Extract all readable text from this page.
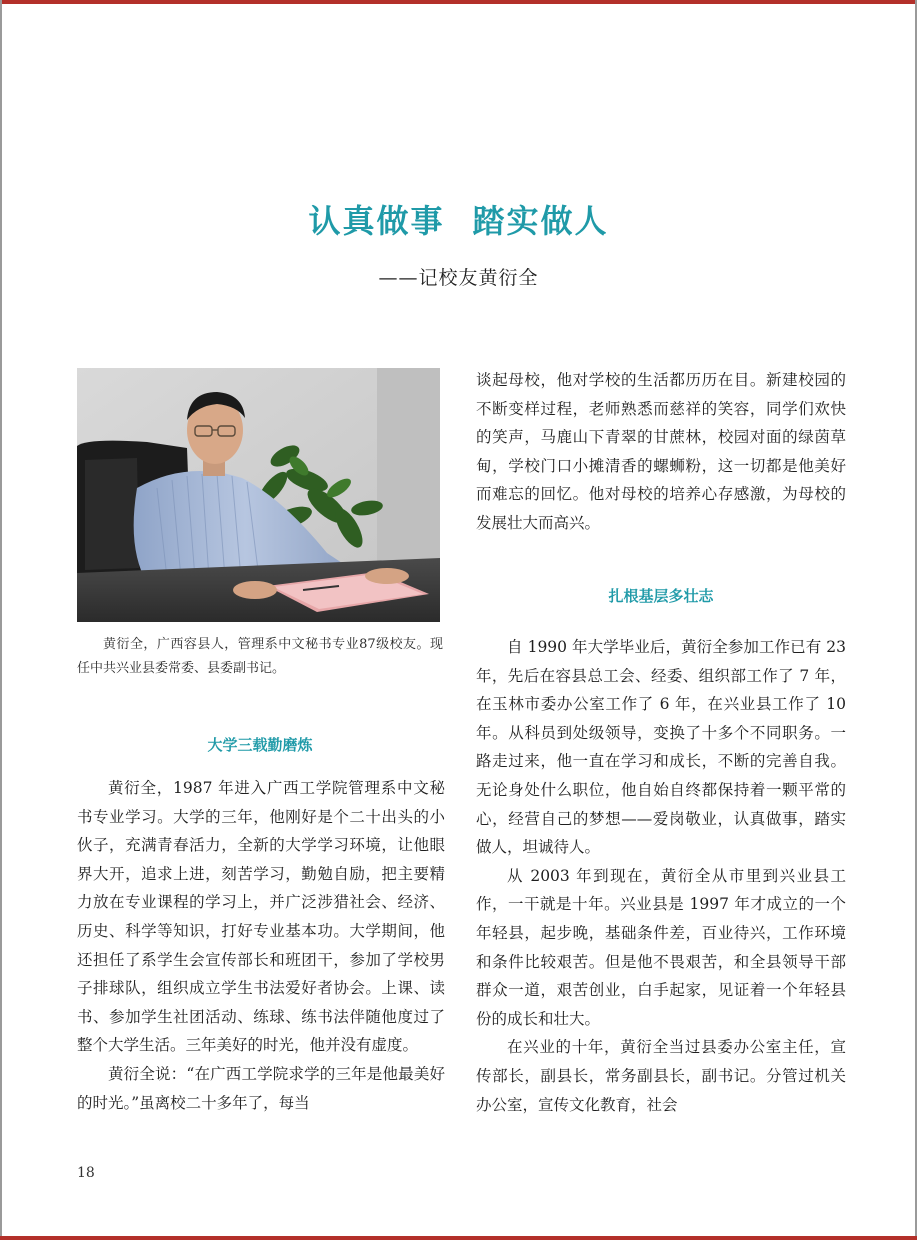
认真做事 踏实做人
——记校友黄衍全
黄衍全，广西容县人，管理系中文秘书专业87级校友。现任中共兴业县委常委、县委副书记。
大学三载勤磨炼

黄衍全，1987 年进入广西工学院管理系中文秘书专业学习。大学的三年，他刚好是个二十出头的小伙子，充满青春活力，全新的大学学习环境，让他眼界大开，追求上进，刻苦学习，勤勉自励，把主要精力放在专业课程的学习上，并广泛涉猎社会、经济、历史、科学等知识，打好专业基本功。大学期间，他还担任了系学生会宣传部长和班团干，参加了学校男子排球队，组织成立学生书法爱好者协会。上课、读书、参加学生社团活动、练球、练书法伴随他度过了整个大学生活。三年美好的时光，他并没有虚度。

黄衍全说：“在广西工学院求学的三年是他最美好的时光。”虽离校二十多年了，每当

谈起母校，他对学校的生活都历历在目。新建校园的不断变样过程，老师熟悉而慈祥的笑容，同学们欢快的笑声，马鹿山下青翠的甘蔗林，校园对面的绿茵草甸，学校门口小摊清香的螺蛳粉，这一切都是他美好而难忘的回忆。他对母校的培养心存感激，为母校的发展壮大而高兴。

扎根基层多壮志

自 1990 年大学毕业后，黄衍全参加工作已有 23 年，先后在容县总工会、经委、组织部工作了 7 年，在玉林市委办公室工作了 6 年，在兴业县工作了 10 年。从科员到处级领导，变换了十多个不同职务。一路走过来，他一直在学习和成长，不断的完善自我。无论身处什么职位，他自始自终都保持着一颗平常的心，经营自己的梦想——爱岗敬业，认真做事，踏实做人，坦诚待人。

从 2003 年到现在，黄衍全从市里到兴业县工作，一干就是十年。兴业县是 1997 年才成立的一个年轻县，起步晚，基础条件差，百业待兴，工作环境和条件比较艰苦。但是他不畏艰苦，和全县领导干部群众一道，艰苦创业，白手起家，见证着一个年轻县份的成长和壮大。

在兴业的十年，黄衍全当过县委办公室主任，宣传部长，副县长，常务副县长，副书记。分管过机关办公室，宣传文化教育，社会

18
